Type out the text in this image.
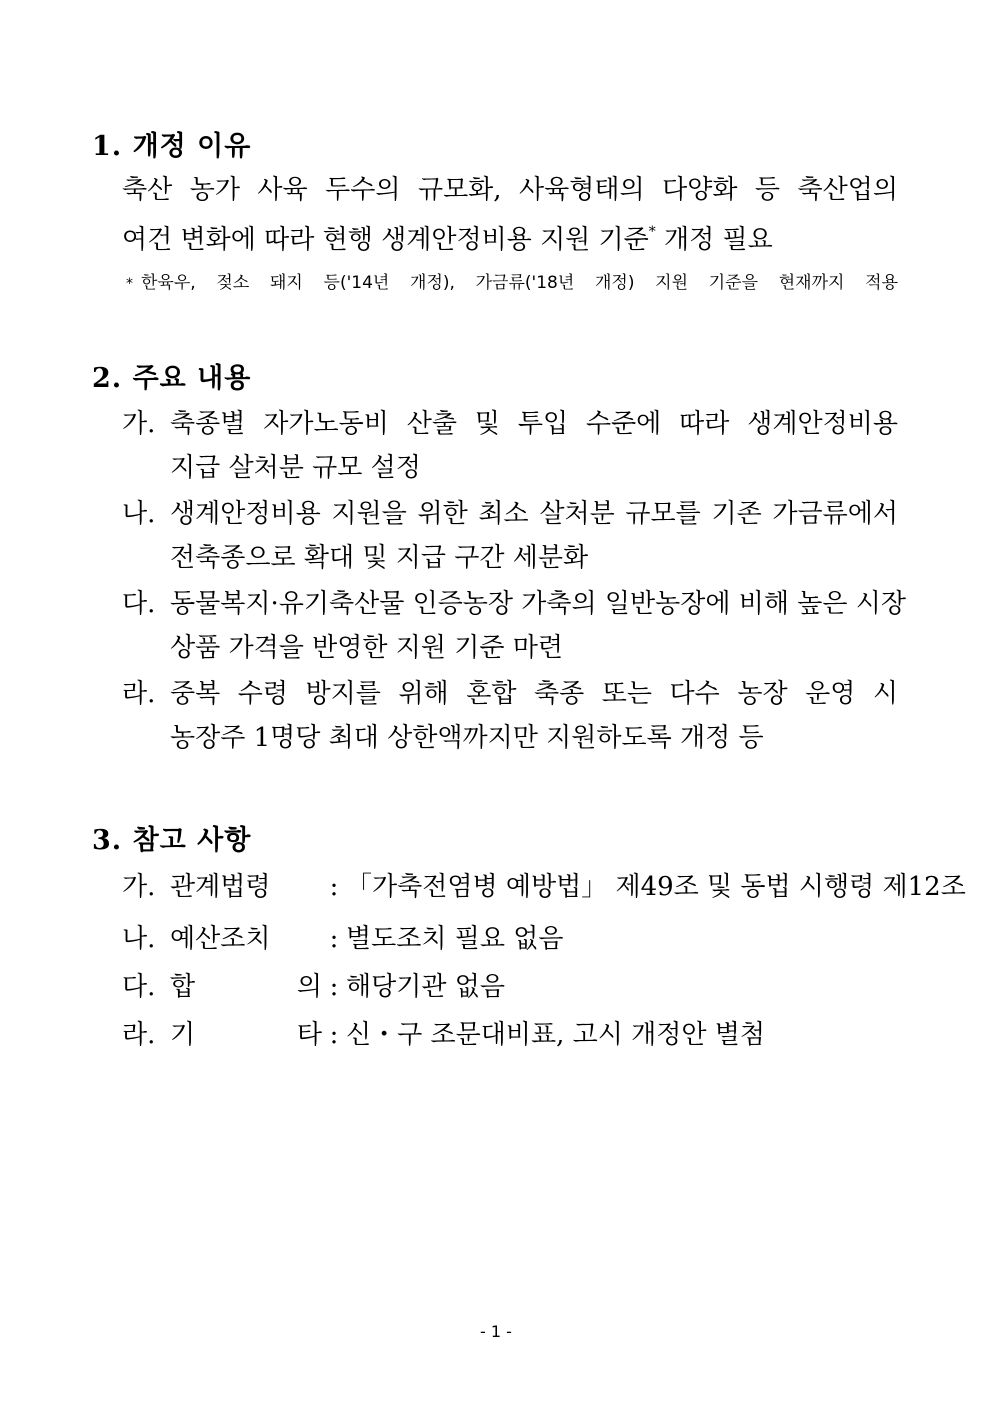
1. 개정 이유
축산 농가 사육 두수의 규모화, 사육형태의 다양화 등 축산업의
여건 변화에 따라 현행 생계안정비용 지원 기준* 개정 필요
* 한육우, 젖소 돼지 등('14년 개정), 가금류('18년 개정) 지원 기준을 현재까지 적용
2. 주요 내용
가. 축종별 자가노동비 산출 및 투입 수준에 따라 생계안정비용
지급 살처분 규모 설정
나. 생계안정비용 지원을 위한 최소 살처분 규모를 기존 가금류에서
전축종으로 확대 및 지급 구간 세분화
다. 동물복지·유기축산물 인증농장 가축의 일반농장에 비해 높은 시장
상품 가격을 반영한 지원 기준 마련
라. 중복 수령 방지를 위해 혼합 축종 또는 다수 농장 운영 시
농장주 1명당 최대 상한액까지만 지원하도록 개정 등
3. 참고 사항
가. 관계법령 : 「가축전염병 예방법」 제49조 및 동법 시행령 제12조
나. 예산조치 : 별도조치 필요 없음
다. 합 의 : 해당기관 없음
라. 기 타 : 신・구 조문대비표, 고시 개정안 별첨
- 1 -
